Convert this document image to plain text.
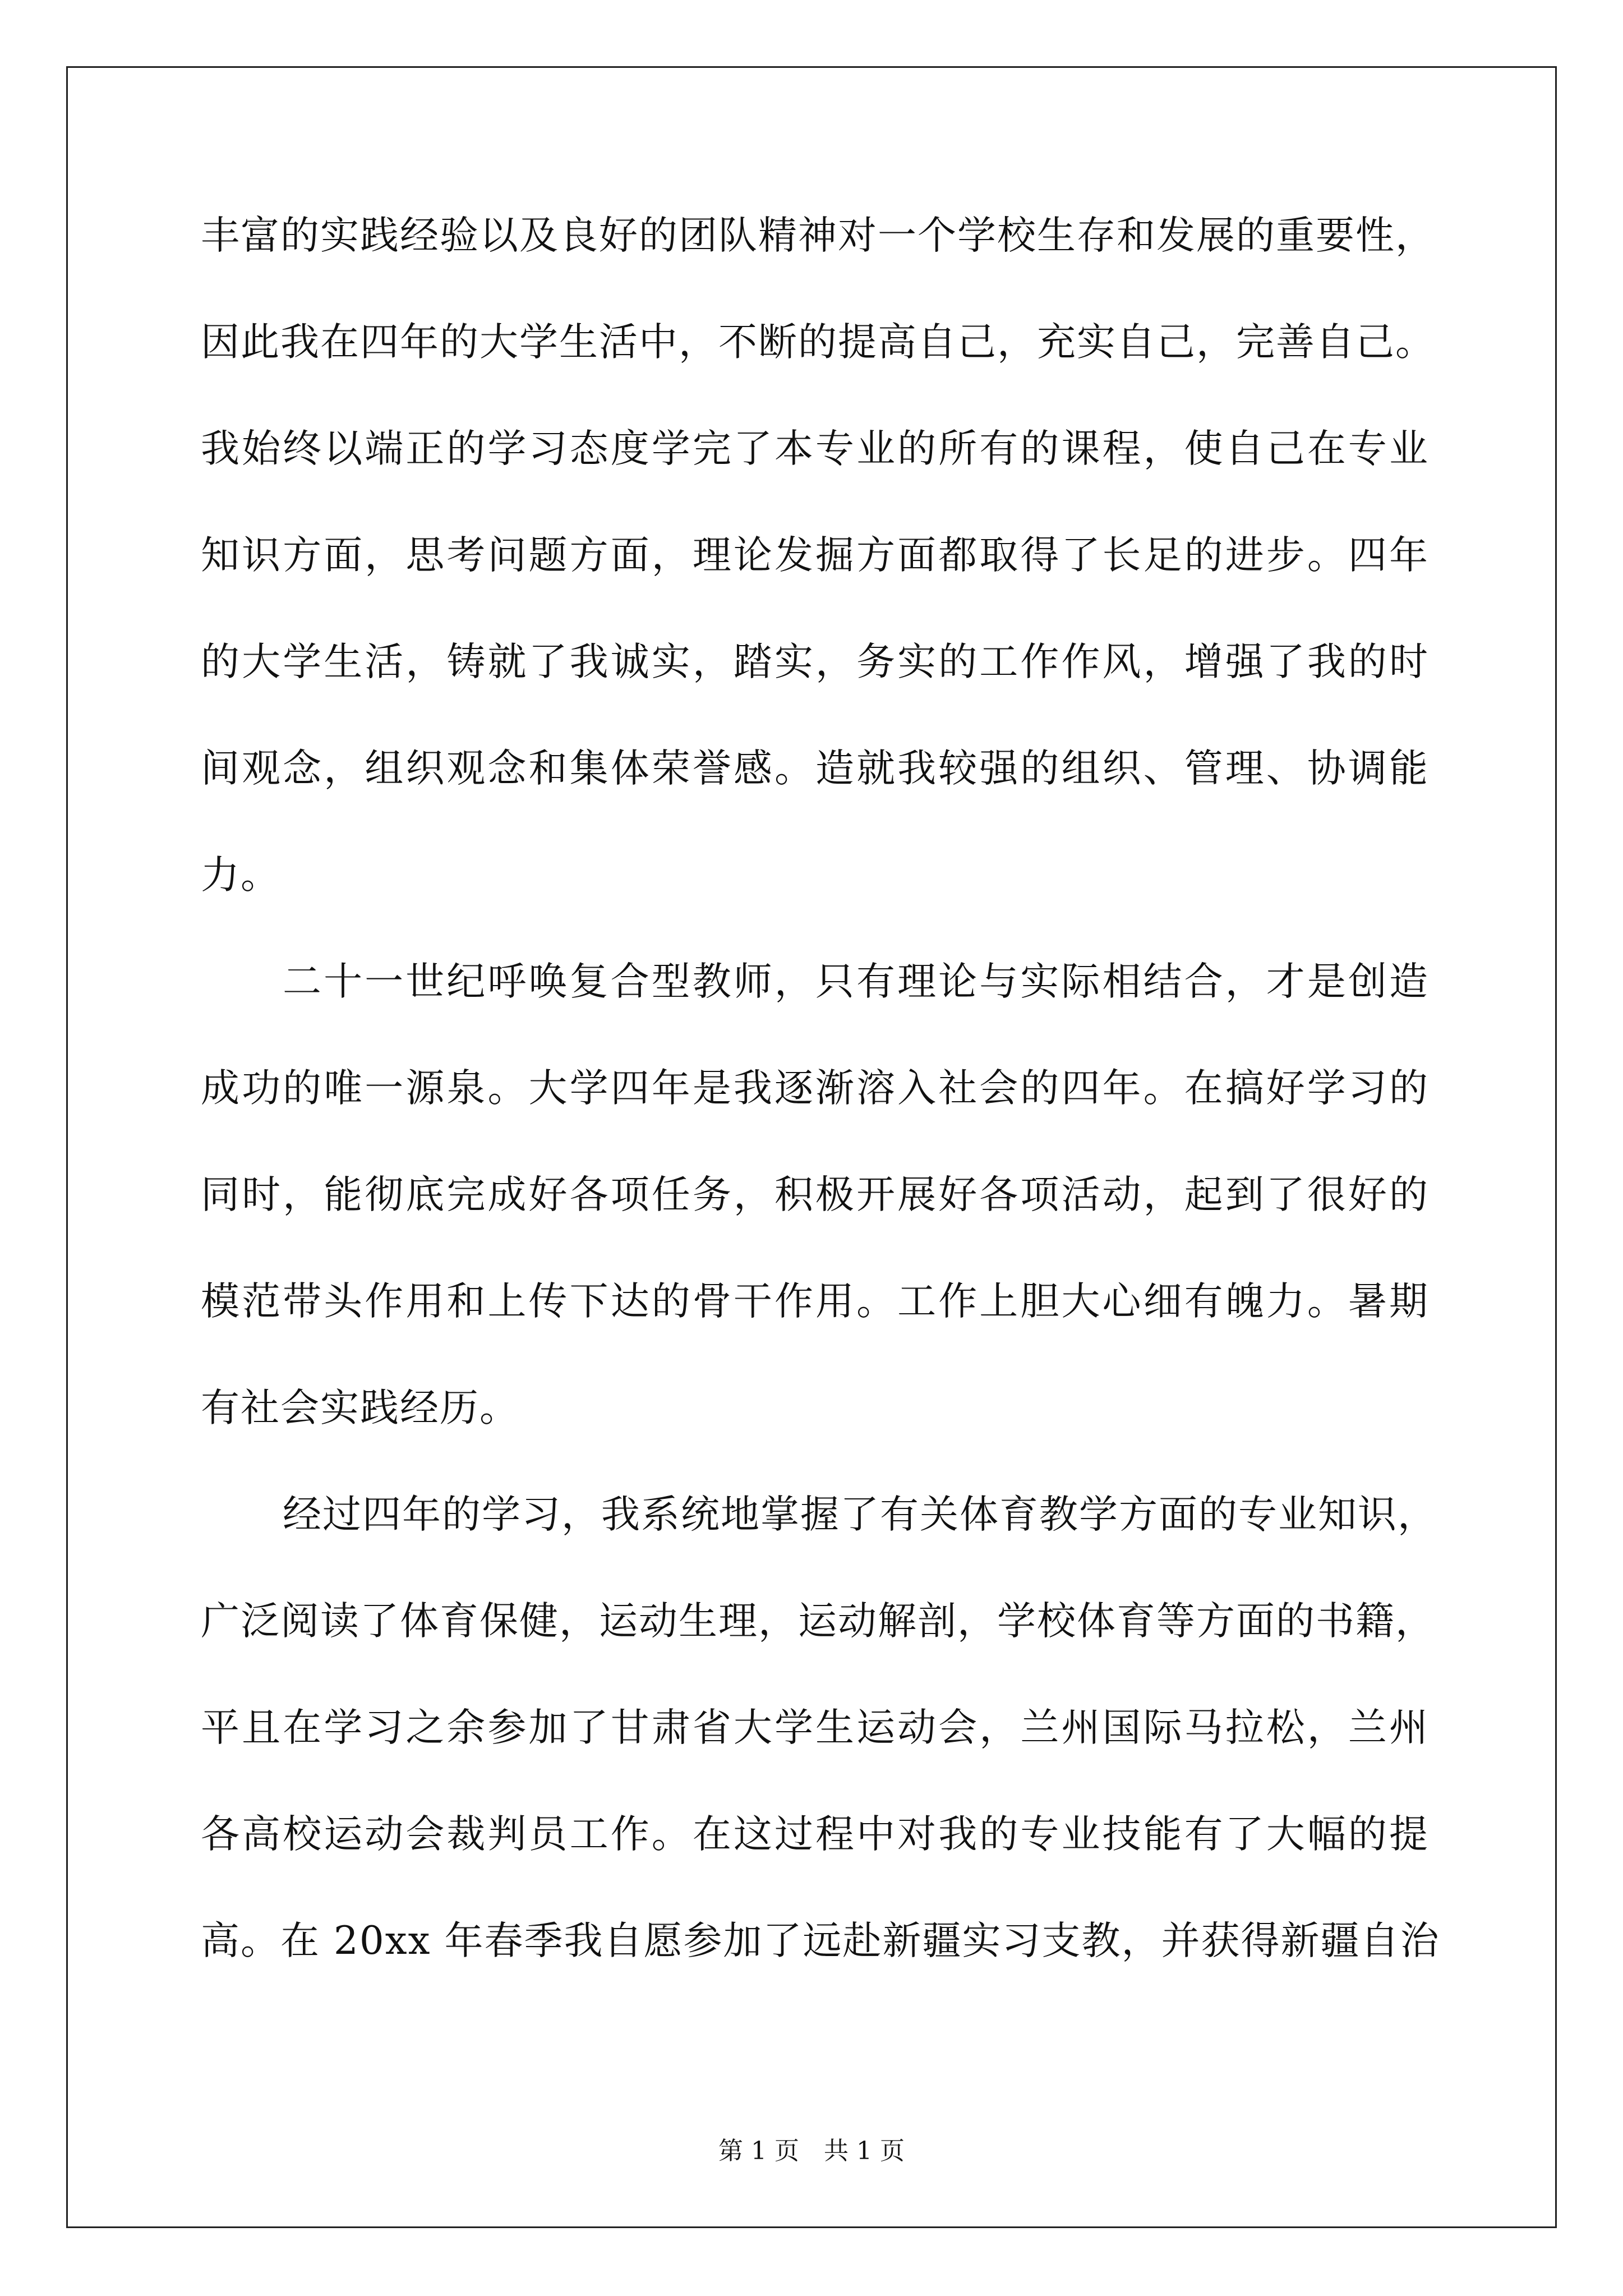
丰富的实践经验以及良好的团队精神对一个学校生存和发展的重要性，
因此我在四年的大学生活中，不断的提高自己，充实自己，完善自己。
我始终以端正的学习态度学完了本专业的所有的课程，使自己在专业
知识方面，思考问题方面，理论发掘方面都取得了长足的进步。四年
的大学生活，铸就了我诚实，踏实，务实的工作作风，增强了我的时
间观念，组织观念和集体荣誉感。造就我较强的组织、管理、协调能
力。
二十一世纪呼唤复合型教师，只有理论与实际相结合，才是创造
成功的唯一源泉。大学四年是我逐渐溶入社会的四年。在搞好学习的
同时，能彻底完成好各项任务，积极开展好各项活动，起到了很好的
模范带头作用和上传下达的骨干作用。工作上胆大心细有魄力。暑期
有社会实践经历。
经过四年的学习，我系统地掌握了有关体育教学方面的专业知识，
广泛阅读了体育保健，运动生理，运动解剖，学校体育等方面的书籍，
平且在学习之余参加了甘肃省大学生运动会，兰州国际马拉松，兰州
各高校运动会裁判员工作。在这过程中对我的专业技能有了大幅的提
高。在 20xx 年春季我自愿参加了远赴新疆实习支教，并获得新疆自治
第 1 页　共 1 页
